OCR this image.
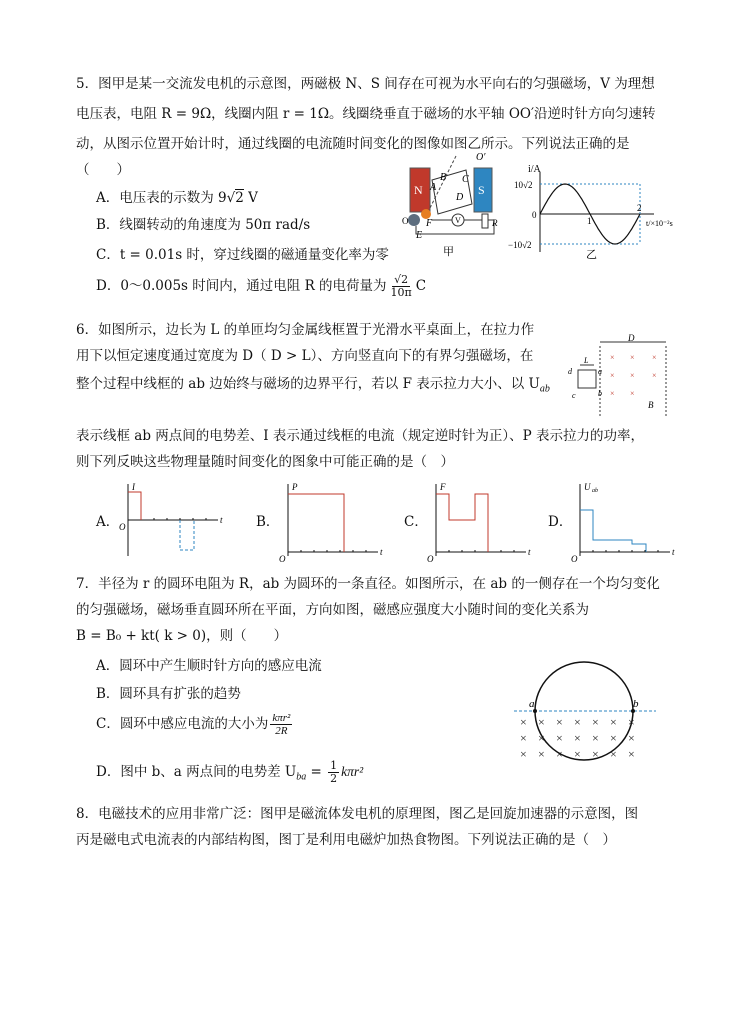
5．图甲是某一交流发电机的示意图，两磁极 N、S 间存在可视为水平向右的匀强磁场，V 为理想
电压表，电阻 R = 9Ω，线圈内阻 r = 1Ω。线圈绕垂直于磁场的水平轴 OO′沿逆时针方向匀速转
动，从图示位置开始计时，通过线圈的电流随时间变化的图像如图乙所示。下列说法正确的是
（　　）
A．电压表的示数为 9√2 V
B．线圈转动的角速度为 50π rad/s
C．t = 0.01s 时，穿过线圈的磁通量变化率为零
D．0～0.005s 时间内，通过电阻 R 的电荷量为 $\frac{√2}{10\pi}$ C
N	S
A
B C
D
O′
O
E
F	V	R
甲
i/A
10√2
0
−10√2
1
2
t/×10⁻²s
乙
6．如图所示，边长为 L 的单匝均匀金属线框置于光滑水平桌面上，在拉力作
用下以恒定速度通过宽度为 D（ D > L）、方向竖直向下的有界匀强磁场，在
整个过程中线框的 ab 边始终与磁场的边界平行，若以 F 表示拉力大小、以 $U_{ab}$
表示线框 ab 两点间的电势差、I 表示通过线框的电流（规定逆时针为正）、P 表示拉力的功率，
则下列反映这些物理量随时间变化的图象中可能正确的是（　）
D
L
d	a
b
c
× × ×
× × ×
× ×
B
A．
I
O
t B．
P
O
t
C．
F
O
t
D．
U ab
O
t
7．半径为 r 的圆环电阻为 R，ab 为圆环的一条直径。如图所示，在 ab 的一侧存在一个均匀变化
的匀强磁场，磁场垂直圆环所在平面，方向如图，磁感应强度大小随时间的变化关系为
B = B₀ + kt( k > 0)，则（　　）
A．圆环中产生顺时针方向的感应电流
B．圆环具有扩张的趋势
C．圆环中感应电流的大小为 $\frac{\text{kπr²}}{2R}$
D．图中 b、a 两点间的电势差 $U_{ba} = \frac{1}{2} k\pi r^2$
a	b
× × × × × × ×
× × × × × × ×
× × × × × × ×
8．电磁技术的应用非常广泛：图甲是磁流体发电机的原理图，图乙是回旋加速器的示意图，图
丙是磁电式电流表的内部结构图，图丁是利用电磁炉加热食物图。下列说法正确的是（　）
